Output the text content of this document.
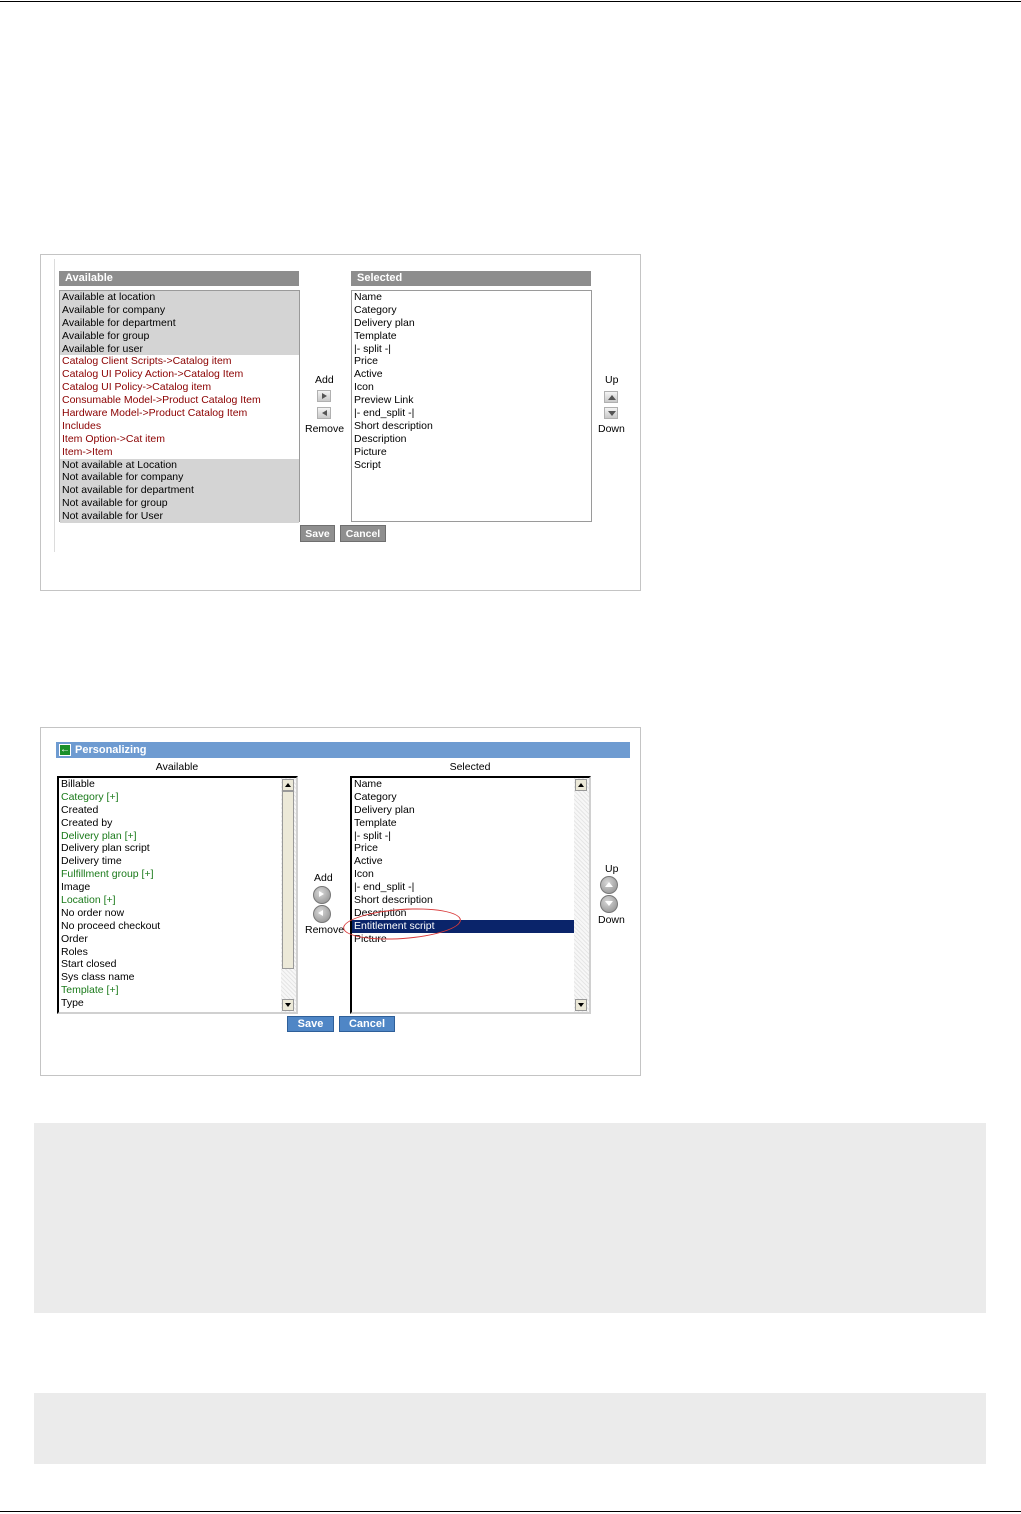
Available	Selected
Available at location
Available for company
Available for department
Available for group
Available for user
Catalog Client Scripts->Catalog item
Catalog UI Policy Action->Catalog Item
Catalog UI Policy->Catalog item
Consumable Model->Product Catalog Item
Hardware Model->Product Catalog Item
Includes
Item Option->Cat item
Item->Item
Not available at Location
Not available for company
Not available for department
Not available for group
Not available for User
Name
Category
Delivery plan
Template
|- split -|
Price
Active
Icon
Preview Link
|- end_split -|
Short description
Description
Picture
Script
Add
Remove
Up
Down
Save	Cancel
← Personalizing
Available	Selected
Billable
Category [+]
Created
Created by
Delivery plan [+]
Delivery plan script
Delivery time
Fulfillment group [+]
Image
Location [+]
No order now
No proceed checkout
Order
Roles
Start closed
Sys class name
Template [+]
Type
Name
Category
Delivery plan
Template
|- split -|
Price
Active
Icon
|- end_split -|
Short description
Description
Entitlement script
Picture
Add
Remove
Up
Down
Save	Cancel
